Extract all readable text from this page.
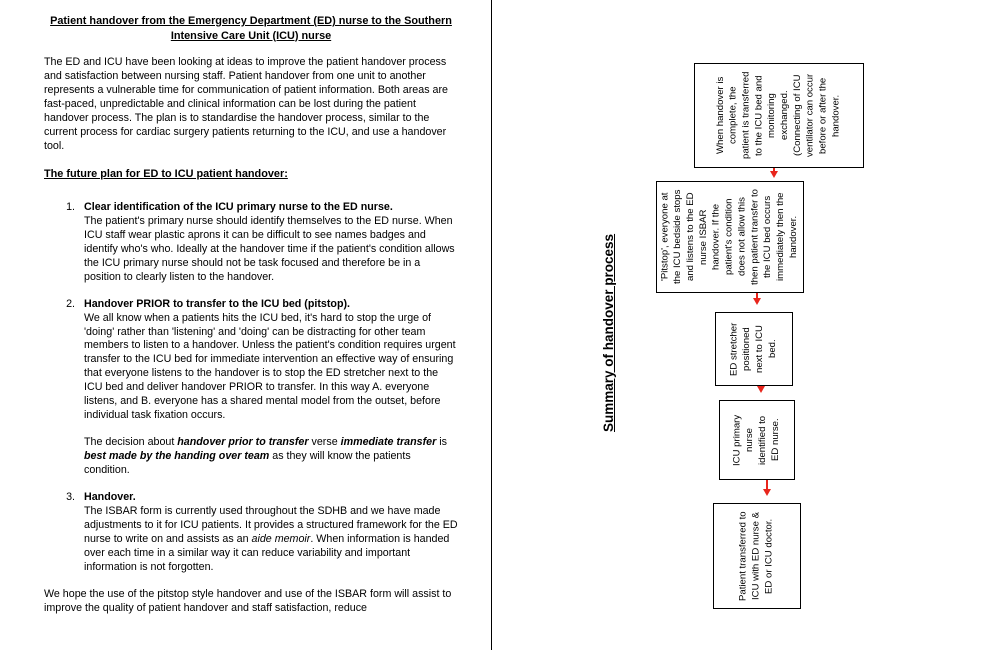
Patient handover from the Emergency Department (ED) nurse to the Southern Intensive Care Unit (ICU) nurse

The ED and ICU have been looking at ideas to improve the patient handover process and satisfaction between nursing staff. Patient handover from one unit to another represents a vulnerable time for communication of patient information. Both areas are fast-paced, unpredictable and clinical information can be lost during the patient handover process. The plan is to standardise the handover process, similar to the current process for cardiac surgery patients returning to the ICU, and use a handover tool.

The future plan for ED to ICU patient handover:

1. Clear identification of the ICU primary nurse to the ED nurse.
The patient's primary nurse should identify themselves to the ED nurse. When ICU staff wear plastic aprons it can be difficult to see names badges and identify who's who. Ideally at the handover time if the patient's condition allows the ICU primary nurse should not be task focused and therefore be in a position to clearly listen to the handover.
2. Handover PRIOR to transfer to the ICU bed (pitstop).
We all know when a patients hits the ICU bed, it's hard to stop the urge of 'doing' rather than 'listening' and 'doing' can be distracting for other team members to listen to a handover. Unless the patient's condition requires urgent transfer to the ICU bed for immediate intervention an effective way of ensuring that everyone listens to the handover is to stop the ED stretcher next to the ICU bed and deliver handover PRIOR to transfer. In this way A. everyone listens, and B. everyone has a shared mental model from the outset, before individual task fixation occurs.

The decision about handover prior to transfer verse immediate transfer is best made by the handing over team as they will know the patients condition.

3. Handover.
The ISBAR form is currently used throughout the SDHB and we have made adjustments to it for ICU patients. It provides a structured framework for the ED nurse to write on and assists as an aide memoir. When information is handed over each time in a similar way it can reduce variability and important information is not forgotten.

We hope the use of the pitstop style handover and use of the ISBAR form will assist to improve the quality of patient handover and staff satisfaction, reduce

Summary of handover process
Patient transferred to ICU with ED nurse & ED or ICU doctor.
ICU primary nurse identified to ED nurse.
ED stretcher positioned next to ICU bed.
'Pitstop', everyone at the ICU bedside stops and listens to the ED nurse ISBAR handover. If the patient's condition does not allow this then patient transfer to the ICU bed occurs immediately then the handover.
When handover is complete, the patient is transferred to the ICU bed and monitoring exchanged. (Connecting of ICU ventilator can occur before or after the handover.
